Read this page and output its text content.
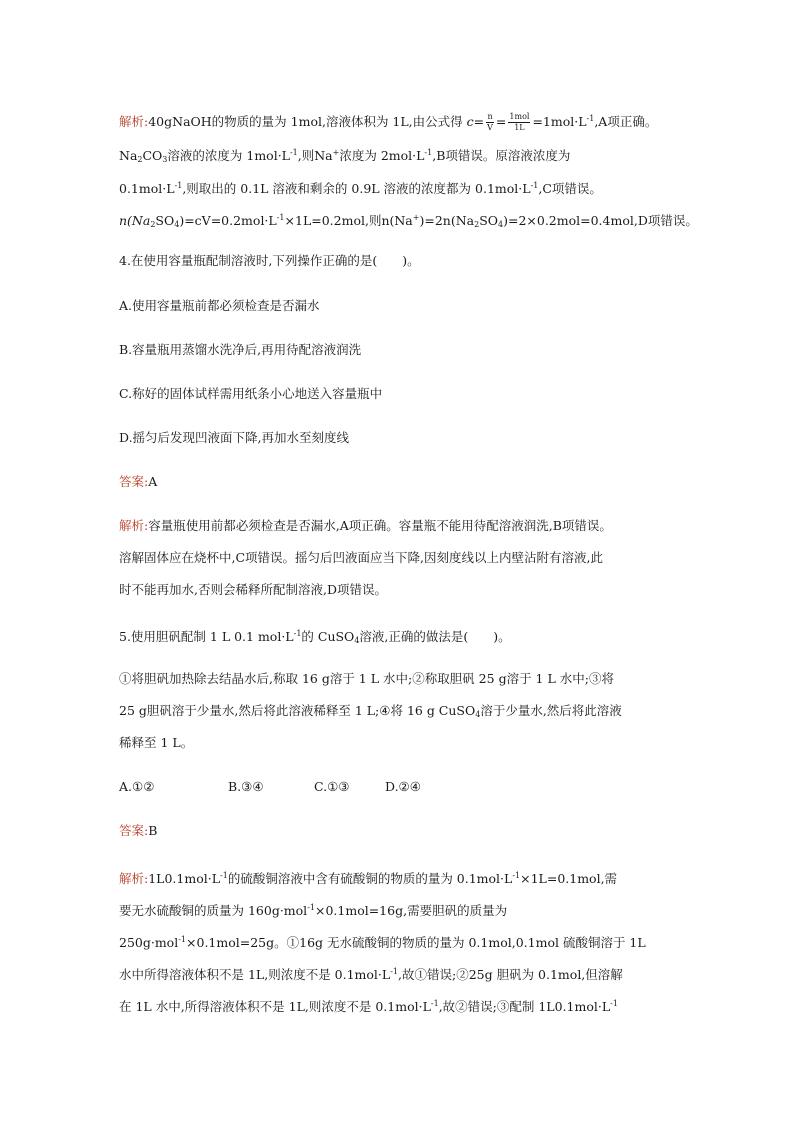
解析:40gNaOH的物质的量为 1mol,溶液体积为 1L,由公式得 $c= \frac{n}{V} = \frac{\text{1mol}}{1L} =1mol\cdot L^{-1},A$项正确。
$Na_2CO_3$溶液的浓度为 $1mol\cdot L^{-1}$,则Na+浓度为 $2mol\cdot L^{-1},B$项错误。原溶液浓度为
$0.1mol\cdot L^{-1}$,则取出的 0.1L 溶液和剩余的 0.9L 溶液的浓度都为 $0.1mol\cdot L^{-1},C$项错误。
$n(Na_2SO_4)=cV=0.2mol\cdot L^{-1}\times 1L=0.2mol$,则$n(Na^+)=2n(Na_2SO_4)=2\times 0.2mol=0.4mol,D$项错误。
4.在使用容量瓶配制溶液时,下列操作正确的是(　　)。
A.使用容量瓶前都必须检查是否漏水
B.容量瓶用蒸馏水洗净后,再用待配溶液润洗
C.称好的固体试样需用纸条小心地送入容量瓶中
D.摇匀后发现凹液面下降,再加水至刻度线
答案:A
解析:容量瓶使用前都必须检查是否漏水,A项正确。容量瓶不能用待配溶液润洗,B项错误。
溶解固体应在烧杯中,C项错误。摇匀后凹液面应当下降,因刻度线以上内壁沾附有溶液,此
时不能再加水,否则会稀释所配制溶液,D项错误。
5.使用胆矾配制 1 L 0.1 $mol\cdot L^{-1}$的 CuSO$_4$溶液,正确的做法是(　　)。
①将胆矾加热除去结晶水后,称取 16 g溶于 1 L 水中;②称取胆矾 25 g溶于 1 L 水中;③将
25 g胆矾溶于少量水,然后将此溶液稀释至 1 L;④将 16 g CuSO$_4$溶于少量水,然后将此溶液
稀释至 1 L。
A.①②	B.③④	C.①③	D.②④
答案:B
解析$:1L0.1mol\cdot L^{-1}$的硫酸铜溶液中含有硫酸铜的物质的量为 $0.1mol\cdot L^{-1}\times 1L=0.1mol$,需
要无水硫酸铜的质量为 160g·mol$^{-1}$×0.1mol=16g,需要胆矾的质量为
250g·mol$^{-1}$×0.1mol=25g。①16g 无水硫酸铜的物质的量为 0.1mol,0.1mol 硫酸铜溶于 1L
水中所得溶液体积不是 1L,则浓度不是 $0.1mol\cdot L^{-1}$,故①错误;②25g 胆矾为 0.1mol,但溶解
在 1L 水中,所得溶液体积不是 1L,则浓度不是 $0.1mol\cdot L^{-1}$,故②错误;③配制 $1L0.1mol\cdot L^{-1}$
